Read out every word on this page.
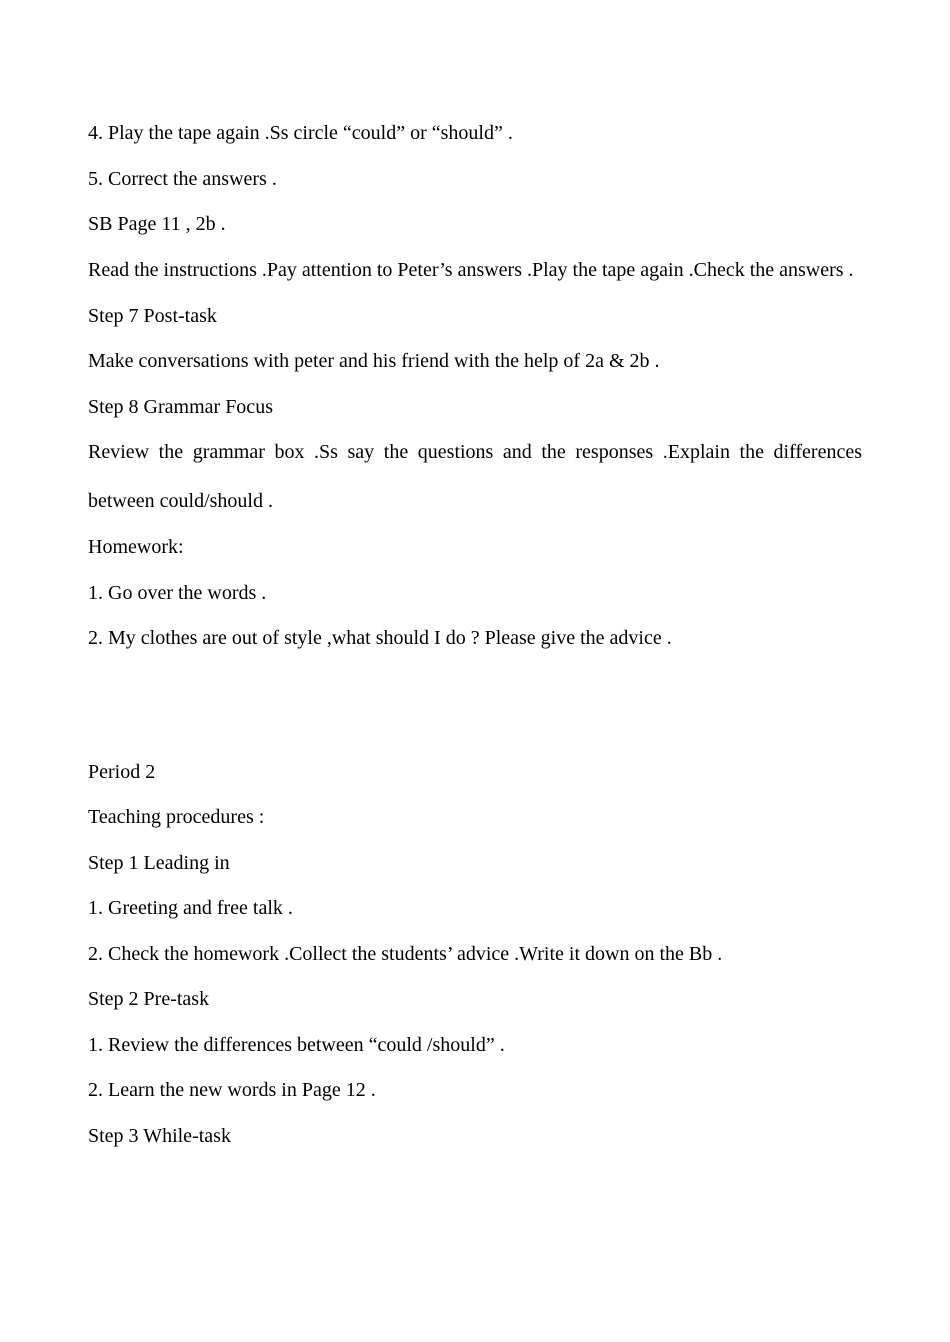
4. Play the tape again .Ss circle “could” or “should” .
5. Correct the answers .
SB Page 11 , 2b .
Read the instructions .Pay attention to Peter’s answers .Play the tape again .Check the answers .
Step 7 Post-task
Make conversations with peter and his friend with the help of 2a & 2b .
Step 8 Grammar Focus
Review the grammar box .Ss say the questions and the responses .Explain the differences between could/should .
Homework:
1. Go over the words .
2. My clothes are out of style ,what should I do ? Please give the advice .
Period 2
Teaching procedures :
Step 1 Leading in
1. Greeting and free talk .
2. Check the homework .Collect the students’ advice .Write it down on the Bb .
Step 2 Pre-task
1. Review the differences between “could /should” .
2. Learn the new words in Page 12 .
Step 3 While-task
